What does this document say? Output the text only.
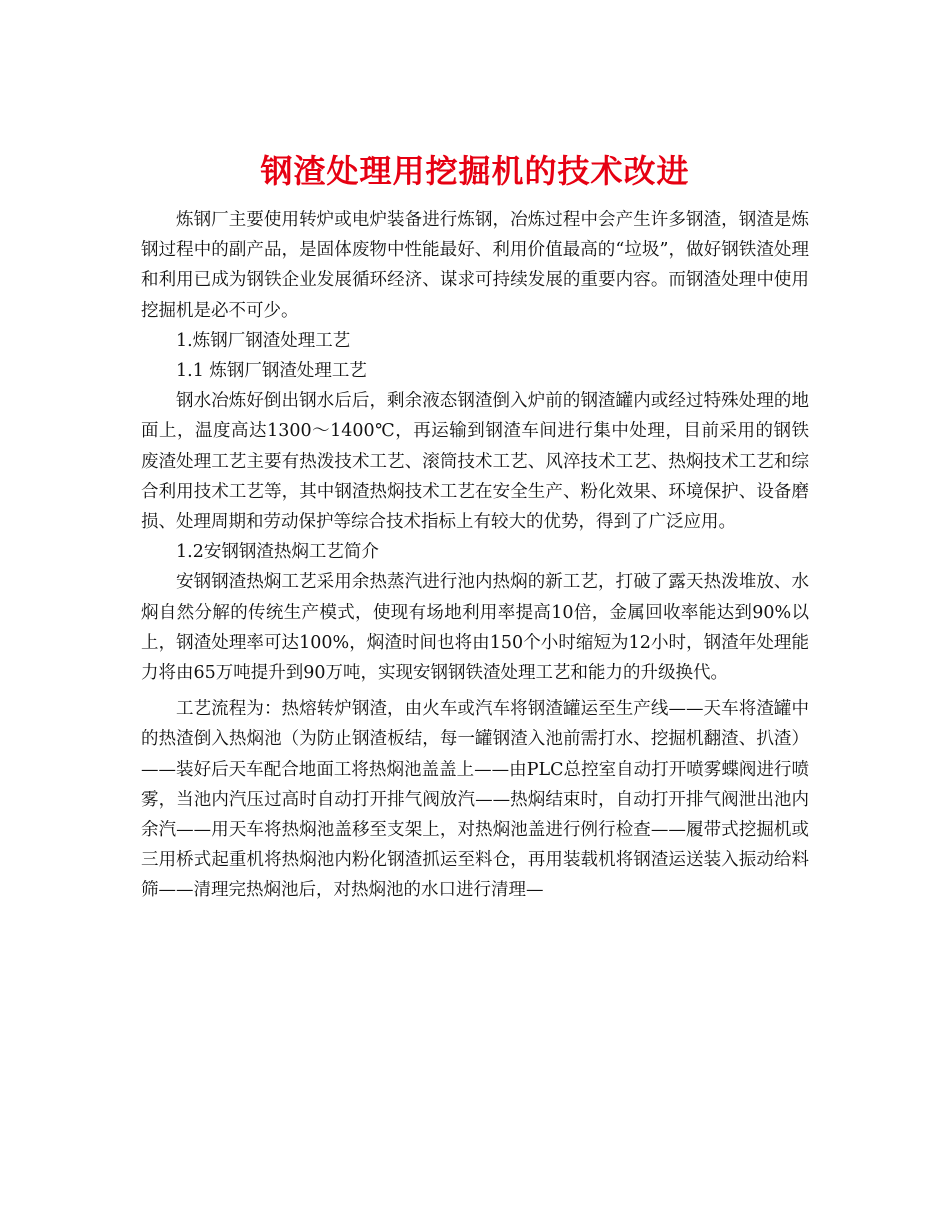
钢渣处理用挖掘机的技术改进

炼钢厂主要使用转炉或电炉装备进行炼钢，冶炼过程中会产生许多钢渣，钢渣是炼钢过程中的副产品，是固体废物中性能最好、利用价值最高的“垃圾”，做好钢铁渣处理和利用已成为钢铁企业发展循环经济、谋求可持续发展的重要内容。而钢渣处理中使用挖掘机是必不可少。

1.炼钢厂钢渣处理工艺

1.1 炼钢厂钢渣处理工艺

钢水冶炼好倒出钢水后后，剩余液态钢渣倒入炉前的钢渣罐内或经过特殊处理的地面上，温度高达1300～1400℃，再运输到钢渣车间进行集中处理，目前采用的钢铁废渣处理工艺主要有热泼技术工艺、滚筒技术工艺、风淬技术工艺、热焖技术工艺和综合利用技术工艺等，其中钢渣热焖技术工艺在安全生产、粉化效果、环境保护、设备磨损、处理周期和劳动保护等综合技术指标上有较大的优势，得到了广泛应用。

1.2安钢钢渣热焖工艺简介

安钢钢渣热焖工艺采用余热蒸汽进行池内热焖的新工艺，打破了露天热泼堆放、水焖自然分解的传统生产模式，使现有场地利用率提高10倍，金属回收率能达到90%以上，钢渣处理率可达100%，焖渣时间也将由150个小时缩短为12小时，钢渣年处理能力将由65万吨提升到90万吨，实现安钢钢铁渣处理工艺和能力的升级换代。

工艺流程为：热熔转炉钢渣，由火车或汽车将钢渣罐运至生产线——天车将渣罐中的热渣倒入热焖池（为防止钢渣板结，每一罐钢渣入池前需打水、挖掘机翻渣、扒渣）——装好后天车配合地面工将热焖池盖盖上——由PLC总控室自动打开喷雾蝶阀进行喷雾，当池内汽压过高时自动打开排气阀放汽——热焖结束时，自动打开排气阀泄出池内余汽——用天车将热焖池盖移至支架上，对热焖池盖进行例行检查——履带式挖掘机或三用桥式起重机将热焖池内粉化钢渣抓运至料仓，再用装载机将钢渣运送装入振动给料筛——清理完热焖池后，对热焖池的水口进行清理—
